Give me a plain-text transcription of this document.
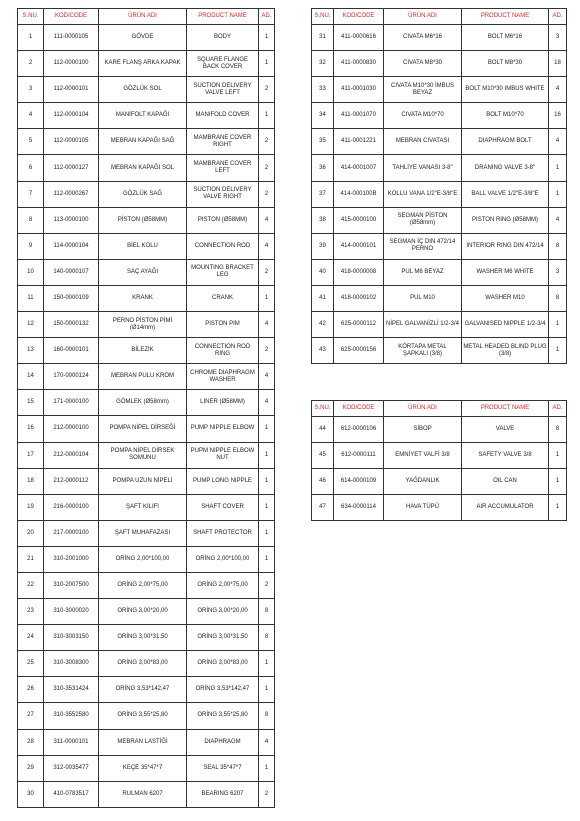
S.NU.	KOD/CODE	ÜRÜN ADI	PRODUCT NAME	AD.
1	111-0000105	GÖVDE	BODY	1
2	112-0000100	KARE FLANŞ ARKA KAPAK	SQUARE FLANGE BACK COVER	1
3	112-0000101	GÖZLÜK SOL	SUCTION DELIVERY VALVE LEFT	2
4	112-0000104	MANİFOLT KAPAĞI	MANIFOLD COVER	1
5	112-0000105	MEBRAN KAPAĞI SAĞ	MAMBRANE COVER RIGHT	2
6	112-0000127	MEBRAN KAPAĞI SOL	MAMBRANE COVER LEFT	2
7	112-0000267	GÖZLÜK SAĞ	SUCTION DELIVERY VALVE RIGHT	2
8	113-0000100	PİSTON (Ø58MM)	PISTON (Ø58MM)	4
9	114-0000104	BİEL KOLU	CONNECTION ROD	4
10	140-0000107	SAÇ AYAĞI	MOUNTING BRACKET LEG	2
11	150-0000109	KRANK	CRANK	1
12	150-0000132	PERNO PİSTON PİMİ (Ø14mm)	PISTON PIM	4
13	160-0000101	BİLEZİK	CONNECTION ROD RING	2
14	170-0000124	MEBRAN PULU KROM	CHROME DIAPHRAGM WASHER	4
15	171-0000100	GÖMLEK (Ø58mm)	LINER (Ø58MM)	4
16	212-0000100	POMPA NİPEL DİRSEĞİ	PUMP NIPPLE ELBOW	1
17	212-0000104	POMPA NİPEL DİRSEK SOMUNU	PUPM NIPPLE ELBOW NUT	1
18	212-0000112	POMPA UZUN NİPELİ	PUMP LONG NIPPLE	1
19	216-0000100	ŞAFT KILIFI	SHAFT COVER	1
20	217-0000100	ŞAFT MUHAFAZASI	SHAFT PROTECTOR	1
21	310-2001000	ORİNG 2,00*100,00	ORİNG 2,00*100,00	1
22	310-2007500	ORİNG 2,00*75,00	ORİNG 2,00*75,00	2
23	310-3000020	ORİNG 3,00*20,00	ORİNG 3,00*20,00	8
24	310-3003150	ORİNG 3,00*31,50	ORİNG 3,00*31,50	8
25	310-3008300	ORİNG 3,00*83,00	ORİNG 3,00*83,00	1
26	310-3531424	ORİNG 3,53*142,47	ORİNG 3,53*142,47	1
27	310-3552580	ORİNG 3,55*25,80	ORİNG 3,55*25,80	8
28	311-0000101	MEBRAN LASTİĞİ	DIAPHRAGM	4
29	312-0035477	KEÇE 35*47*7	SEAL 35*47*7	1
30	410-0783517	RULMAN 6207	BEARING 6207	2
S.NU.	KOD/CODE	ÜRÜN ADI	PRODUCT NAME	AD.
31	411-0000616	CIVATA M6*16	BOLT M6*16	3
32	411-0000830	CIVATA M8*30	BOLT M8*30	18
33	411-0001030	CIVATA M10*30 İMBUS BEYAZ	BOLT M10*30 IMBUS WHITE	4
34	411-0001070	CIVATA M10*70	BOLT M10*70	16
35	411-0001221	MEBRAN CIVATASI	DIAPHRAGM BOLT	4
36	414-0001007	TAHLİYE VANASI 3-8"	DRANING VALVE 3-8"	1
37	414-000100B	KOLLU VANA 1/2"E-3/8"E	BALL VALVE 1/2"E-3/8"E	1
38	415-0000100	SEGMAN PİSTON (Ø58mm)	PISTON RING (Ø58MM)	4
39	414-0000101	SEGMAN İÇ DIN 472/14 PERNO	INTERIOR RING DIN 472/14	8
40	418-0000008	PUL M6 BEYAZ	WASHER M6 WHITE	3
41	418-0000102	PUL M10	WASHER M10	8
42	625-0000112	NİPEL GALVANİZLİ 1/2-3/4	GALVANISED NIPPLE 1/2-3/4	1
43	625-0000156	KÖRTAPA METAL ŞAPKALI (3/8)	METAL HEADED BLIND PLUG (3/8)	1
S.NU.	KOD/CODE	ÜRÜN ADI	PRODUCT NAME	AD.
44	612-0000106	SİBOP	VALVE	8
45	612-0000111	EMNİYET VALFİ 3/8	SAFETY VALVE 3/8	1
46	614-0000109	YAĞDANLIK	OIL CAN	1
47	634-0000114	HAVA TÜPÜ	AIR ACCUMULATOR	1
